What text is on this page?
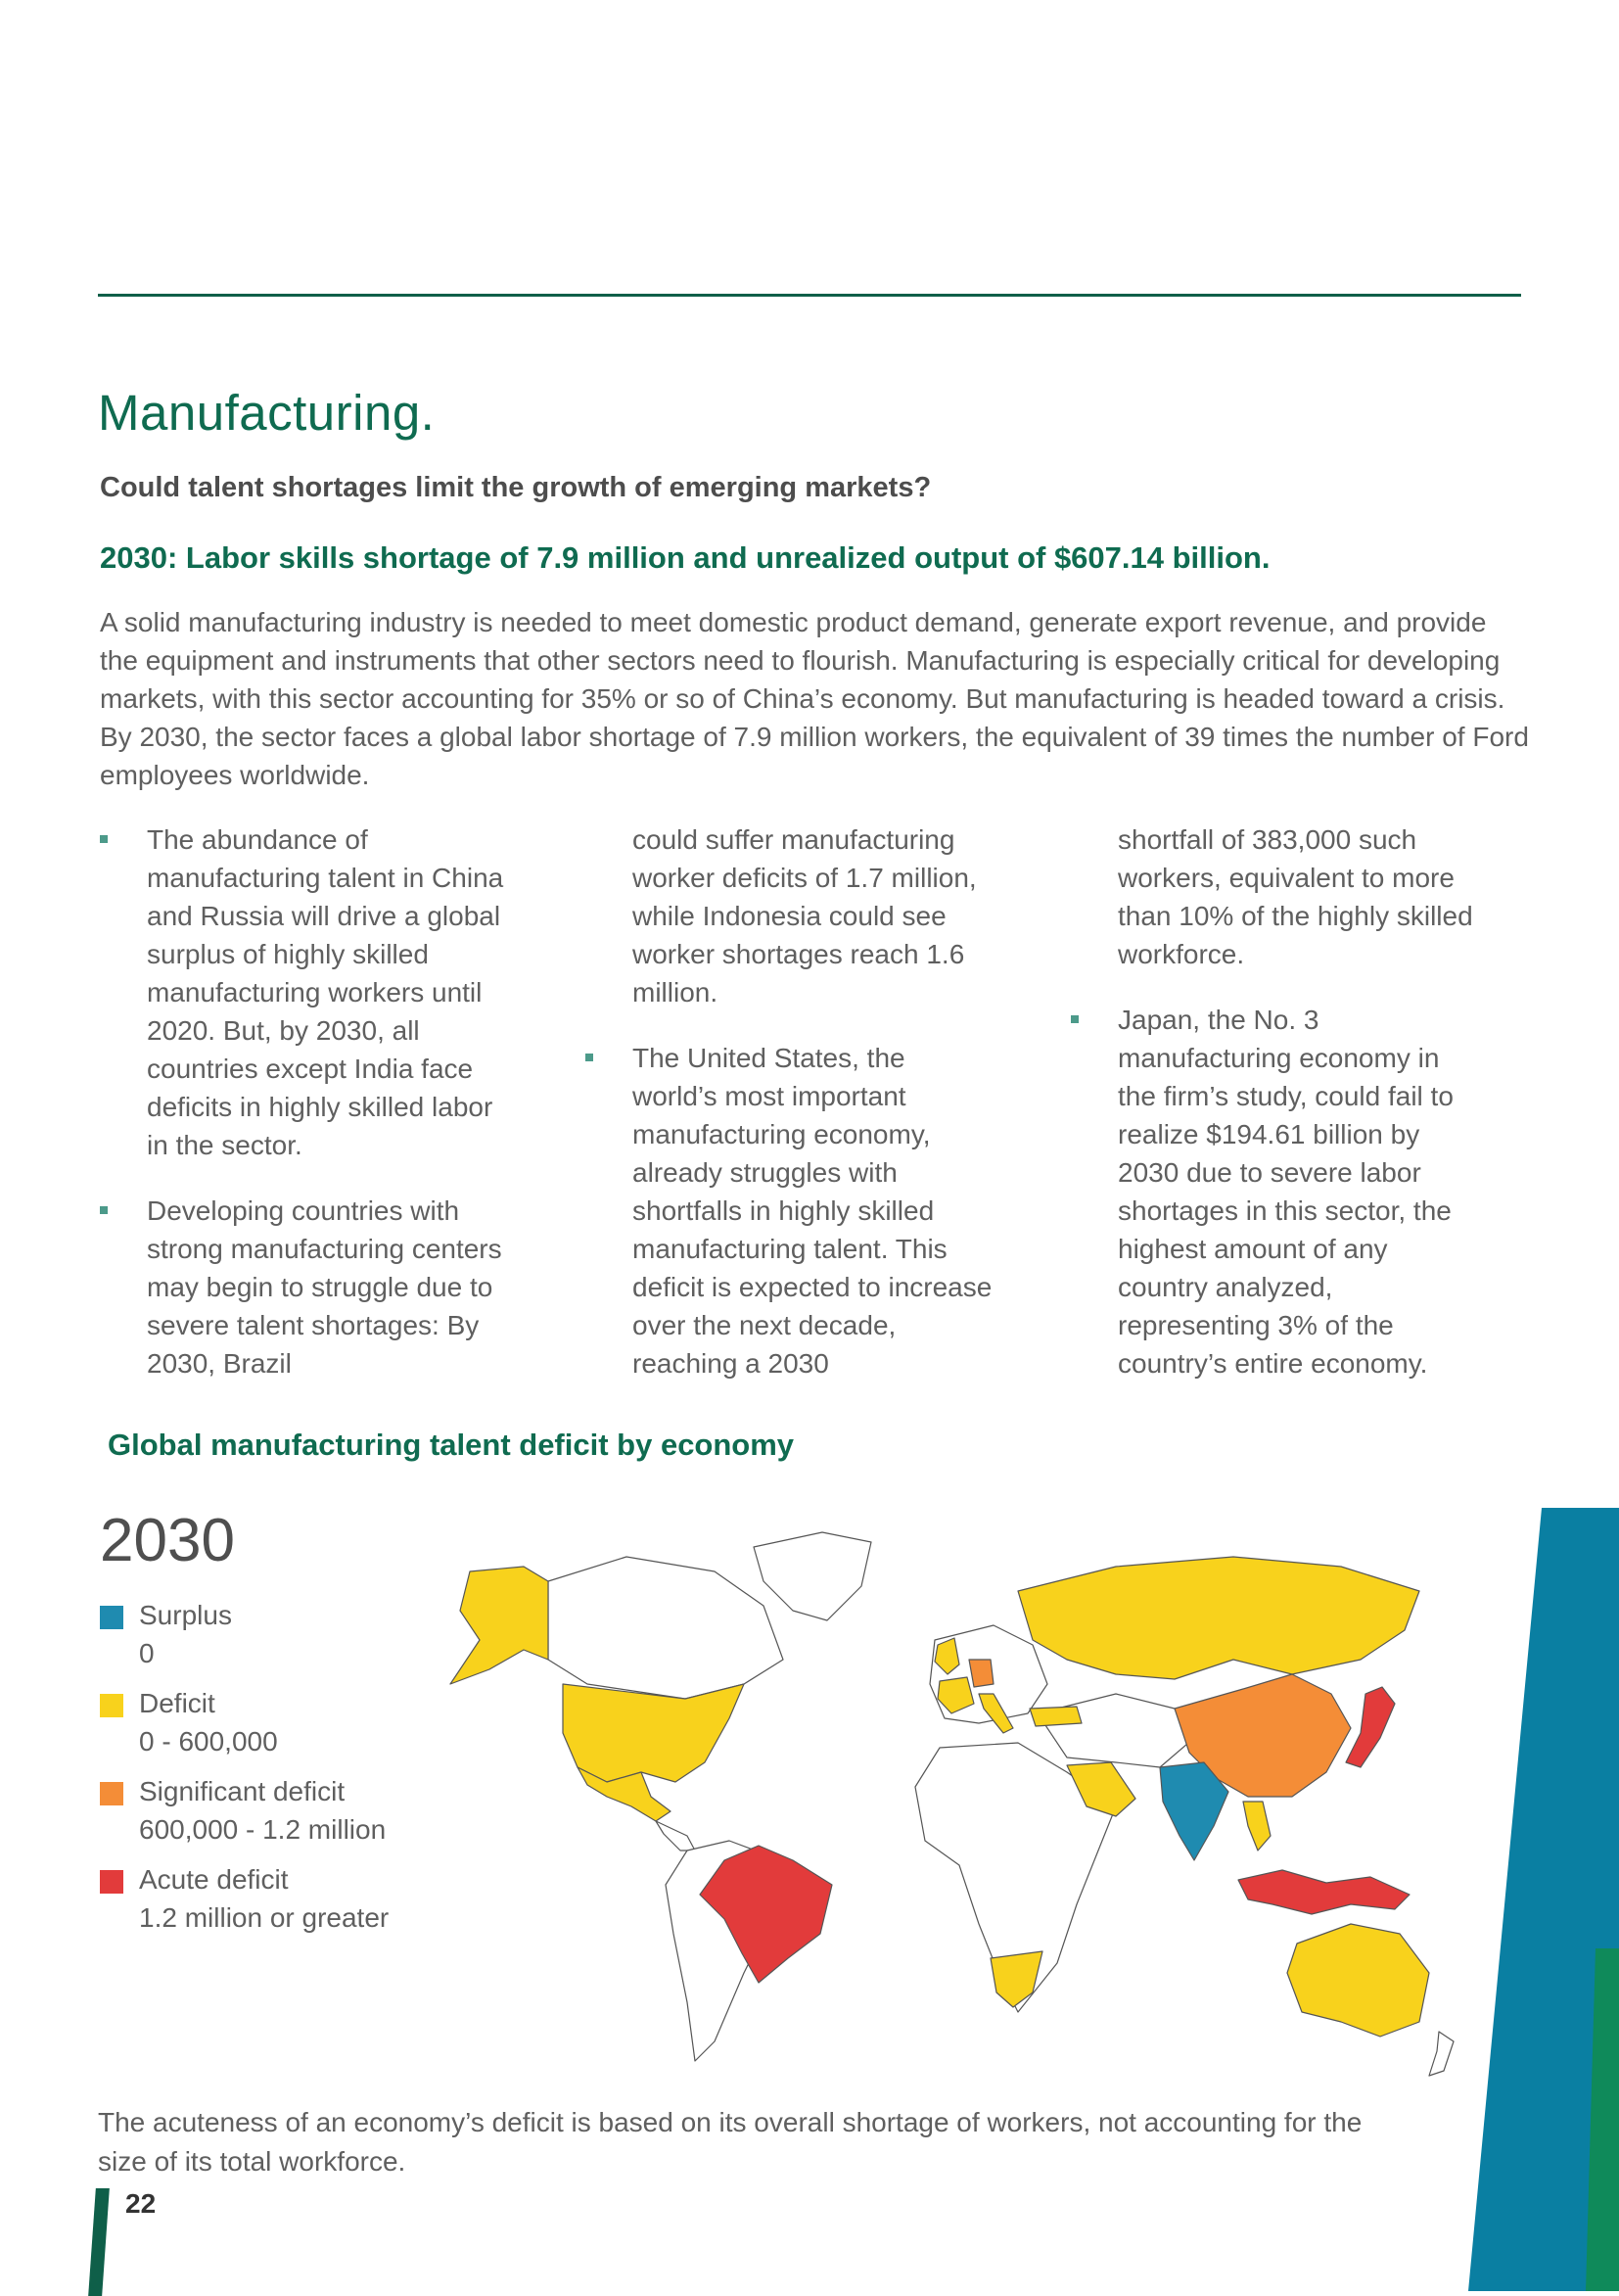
Manufacturing.
Could talent shortages limit the growth of emerging markets?
2030: Labor skills shortage of 7.9 million and unrealized output of $607.14 billion.
A solid manufacturing industry is needed to meet domestic product demand, generate export revenue, and provide the equipment and instruments that other sectors need to flourish. Manufacturing is especially critical for developing markets, with this sector accounting for 35% or so of China’s economy. But manufacturing is headed toward a crisis. By 2030, the sector faces a global labor shortage of 7.9 million workers, the equivalent of 39 times the number of Ford employees worldwide.

The abundance of manufacturing talent in China and Russia will drive a global surplus of highly skilled manufacturing workers until 2020. But, by 2030, all countries except India face deficits in highly skilled labor in the sector.

Developing countries with strong manufacturing centers may begin to struggle due to severe talent shortages: By 2030, Brazil

could suffer manufacturing worker deficits of 1.7 million, while Indonesia could see worker shortages reach 1.6 million.

The United States, the world’s most important manufacturing economy, already struggles with shortfalls in highly skilled manufacturing talent. This deficit is expected to increase over the next decade, reaching a 2030

shortfall of 383,000 such workers, equivalent to more than 10% of the highly skilled workforce.

Japan, the No. 3 manufacturing economy in the firm’s study, could fail to realize $194.61 billion by 2030 due to severe labor shortages in this sector, the highest amount of any country analyzed, representing 3% of the country’s entire economy.

Global manufacturing talent deficit by economy
2030
Surplus
0
Deficit
0 - 600,000
Significant deficit
600,000 - 1.2 million
Acute deficit
1.2 million or greater
The acuteness of an economy’s deficit is based on its overall shortage of workers, not accounting for the size of its total workforce.
22
